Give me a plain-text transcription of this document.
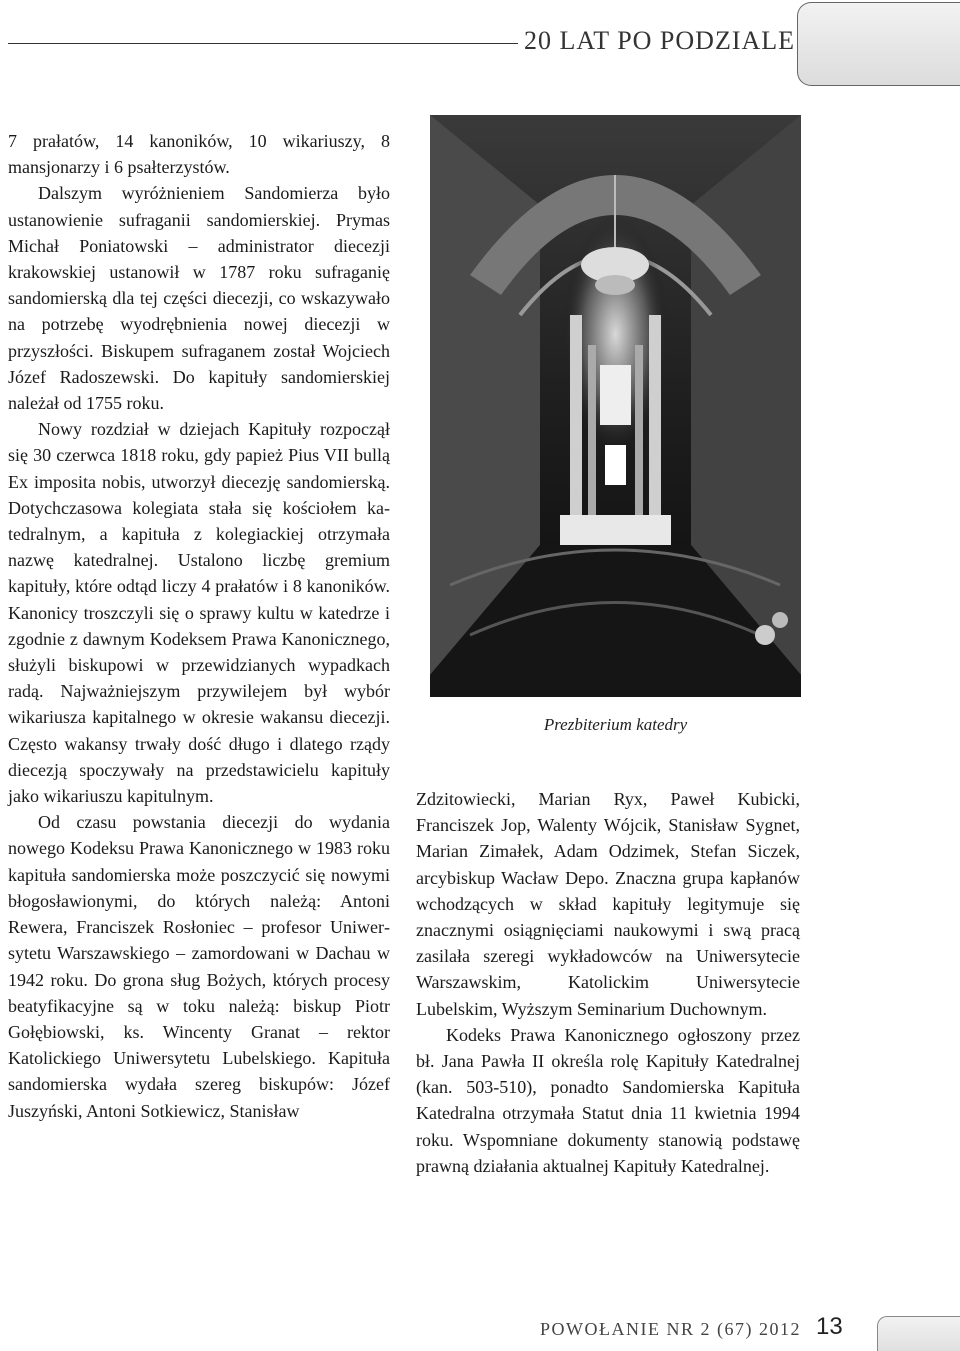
20 LAT PO PODZIALE

7 prałatów, 14 kanoników, 10 wikariuszy, 8 mansjonarzy i 6 psałterzystów.

Dalszym wyróżnieniem Sandomierza było ustanowienie sufraganii sandomierskiej. Prymas Michał Poniatowski – administrator diecezji krakowskiej ustanowił w 1787 roku sufraganię sandomierską dla tej części diecezji, co wskazywało na potrzebę wyodrębnienia nowej diecezji w przyszłości. Biskupem sufraganem został Wojciech Józef Radoszewski. Do kapituły sandomierskiej należał od 1755 roku.

Nowy rozdział w dziejach Kapituły rozpoczął się 30 czerwca 1818 roku, gdy papież Pius VII bullą Ex imposita nobis, utworzył diecezję sandomierską. Dotychczasowa kolegiata stała się kościołem katedralnym, a kapituła z kolegiackiej otrzymała nazwę katedralnej. Ustalono liczbę gremium kapituły, które odtąd liczy 4 prałatów i 8 kanoników. Kanonicy troszczyli się o sprawy kultu w katedrze i zgodnie z dawnym Kodeksem Prawa Kanonicznego, służyli biskupowi w przewidzianych wypadkach radą. Najważniejszym przywilejem był wybór wikariusza kapitalnego w okresie wakansu diecezji. Często wakansy trwały dość długo i dlatego rządy diecezją spoczywały na przedstawicielu kapituły jako wikariuszu kapitulnym.

Od czasu powstania diecezji do wydania nowego Kodeksu Prawa Kanonicznego w 1983 roku kapituła sandomierska może poszczycić się nowymi błogosławionymi, do których należą: Antoni Rewera, Franciszek Rosłoniec – profesor Uniwersytetu Warszawskiego – zamordowani w Dachau w 1942 roku. Do grona sług Bożych, których procesy beatyfikacyjne są w toku należą: biskup Piotr Gołębiowski, ks. Wincenty Granat – rektor Katolickiego Uniwersytetu Lubelskiego. Kapituła sandomierska wydała szereg biskupów: Józef Juszyński, Antoni Sotkiewicz, Stanisław

Prezbiterium katedry

Zdzitowiecki, Marian Ryx, Paweł Kubicki, Franciszek Jop, Walenty Wójcik, Stanisław Sygnet, Marian Zimałek, Adam Odzimek, Stefan Siczek, arcybiskup Wacław Depo. Znaczna grupa kapłanów wchodzących w skład kapituły legitymuje się znacznymi osiągnięciami naukowymi i swą pracą zasilała szeregi wykładowców na Uniwersytecie Warszawskim, Katolickim Uniwersytecie Lubelskim, Wyższym Seminarium Duchownym.

Kodeks Prawa Kanonicznego ogłoszony przez bł. Jana Pawła II określa rolę Kapituły Katedralnej (kan. 503-510), ponadto Sandomierska Kapituła Katedralna otrzymała Statut dnia 11 kwietnia 1994 roku. Wspomniane dokumenty stanowią podstawę prawną działania aktualnej Kapituły Katedralnej.

POWOŁANIE NR 2 (67) 2012 13
